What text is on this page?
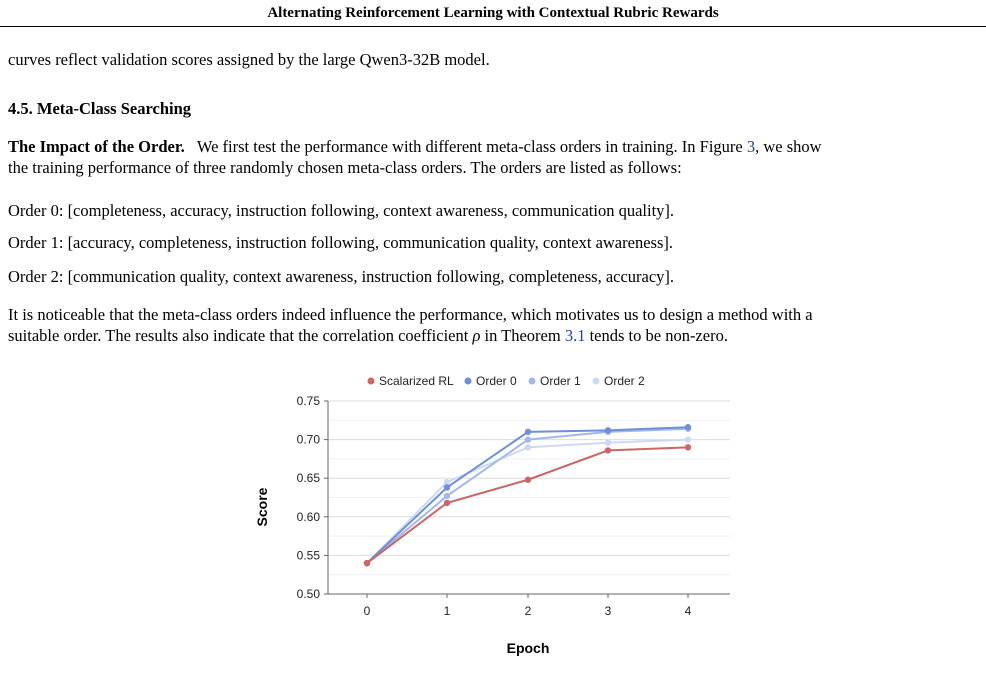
Alternating Reinforcement Learning with Contextual Rubric Rewards

curves reflect validation scores assigned by the large Qwen3-32B model.

4.5. Meta-Class Searching

The Impact of the Order. We first test the performance with different meta-class orders in training. In Figure 3, we show
the training performance of three randomly chosen meta-class orders. The orders are listed as follows:

Order 0: [completeness, accuracy, instruction following, context awareness, communication quality].

Order 1: [accuracy, completeness, instruction following, communication quality, context awareness].

Order 2: [communication quality, context awareness, instruction following, completeness, accuracy].

It is noticeable that the meta-class orders indeed influence the performance, which motivates us to design a method with a
suitable order. The results also indicate that the correlation coefficient ρ in Theorem 3.1 tends to be non-zero.

Scalarized RL Order 0 Order 1 Order 2
0.50
0.55
0.60
0.65
0.70
0.75
0	1	2	3	4
Score
Epoch
